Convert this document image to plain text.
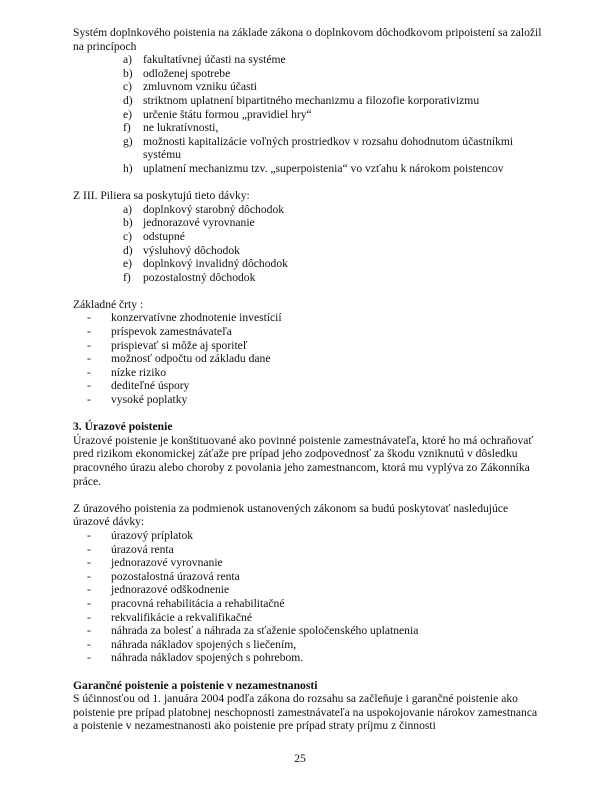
Systém doplnkového poistenia na základe zákona o doplnkovom dôchodkovom pripoistení sa založil na princípoch

a) fakultatívnej účasti na systéme
b) odloženej spotrebe
c) zmluvnom vzniku účasti
d) striktnom uplatnení bipartitného mechanizmu a filozofie korporativizmu
e) určenie štátu formou „pravidiel hry“
f)	ne lukratívnosti,
g) možnosti kapitalizácie voľných prostriedkov v rozsahu dohodnutom účastníkmi systému
h) uplatnení mechanizmu tzv. „superpoistenia“ vo vzťahu k nárokom poistencov

Z III. Piliera sa poskytujú tieto dávky:

a) doplnkový starobný dôchodok
b) jednorazové vyrovnanie
c) odstupné
d) výsluhový dôchodok
e) doplnkový invalidný dôchodok
f)	pozostalostný dôchodok

Základné črty :

-	konzervatívne zhodnotenie investícií
-	príspevok zamestnávateľa
-	prispievať si môže aj sporiteľ
-	možnosť odpočtu od základu dane
-	nízke riziko
-	dediteľné úspory
-	vysoké poplatky

3. Úrazové poistenie

Úrazové poistenie je konštituované ako povinné poistenie zamestnávateľa, ktoré ho má ochraňovať pred rizikom ekonomickej záťaže pre prípad jeho zodpovednosť za škodu vzniknutú v dôsledku pracovného úrazu alebo choroby z povolania jeho zamestnancom, ktorá mu vyplýva zo Zákonníka práce.

Z úrazového poistenia za podmienok ustanovených zákonom sa budú poskytovať nasledujúce úrazové dávky:

-	úrazový príplatok
-	úrazová renta
-	jednorazové vyrovnanie
-	pozostalostná úrazová renta
-	jednorazové odškodnenie
-	pracovná rehabilitácia a rehabilitačné
-	rekvalifikácie a rekvalifikačné
-	náhrada za bolesť a náhrada za sťaženie spoločenského uplatnenia
-	náhrada nákladov spojených s liečením,
-	náhrada nákladov spojených s pohrebom.

Garančné poistenie a poistenie v nezamestnanosti

S účinnosťou od 1. januára 2004 podľa zákona do rozsahu sa začleňuje i garančné poistenie ako poistenie pre prípad platobnej neschopnosti zamestnávateľa na uspokojovanie nárokov zamestnanca a poistenie v nezamestnanosti ako poistenie pre prípad straty príjmu z činnosti

25
